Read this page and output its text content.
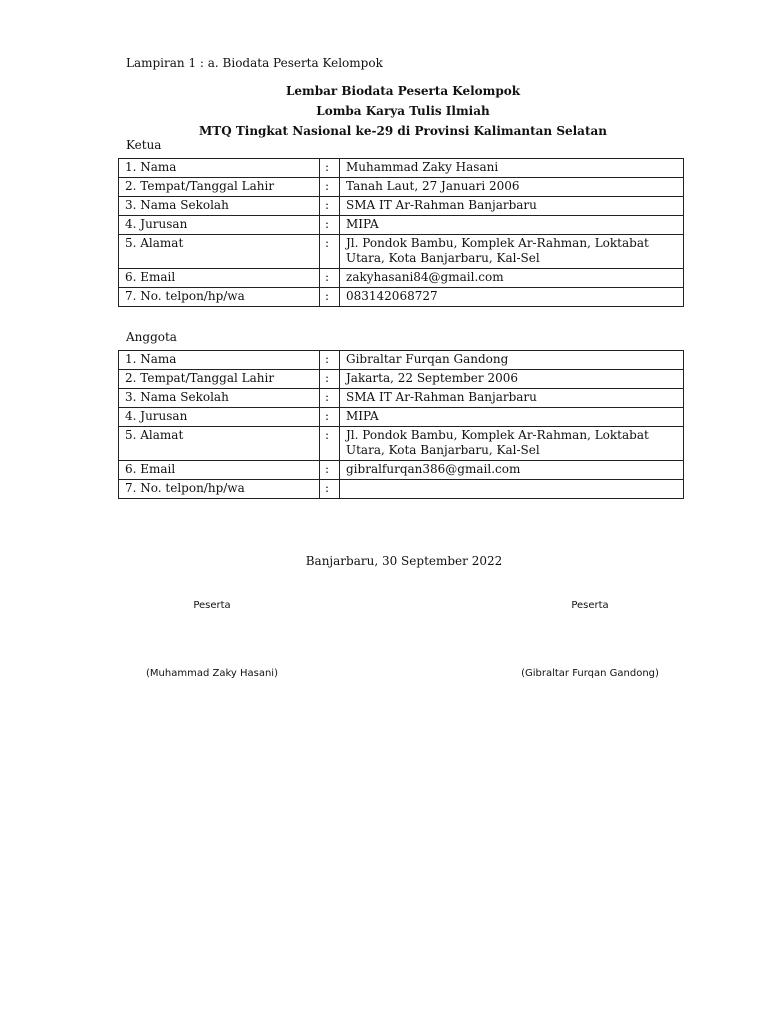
Lampiran 1 : a. Biodata Peserta Kelompok
Lembar Biodata Peserta Kelompok
Lomba Karya Tulis Ilmiah
MTQ Tingkat Nasional ke-29 di Provinsi Kalimantan Selatan
Ketua
1. Nama	:	Muhammad Zaky Hasani
2. Tempat/Tanggal Lahir	:	Tanah Laut, 27 Januari 2006
3. Nama Sekolah	:	SMA IT Ar-Rahman Banjarbaru
4. Jurusan	:	MIPA
5. Alamat	:	Jl. Pondok Bambu, Komplek Ar-Rahman, Loktabat Utara, Kota Banjarbaru, Kal-Sel
6. Email	:	zakyhasani84@gmail.com
7. No. telpon/hp/wa	:	083142068727
Anggota
1. Nama	:	Gibraltar Furqan Gandong
2. Tempat/Tanggal Lahir	:	Jakarta, 22 September 2006
3. Nama Sekolah	:	SMA IT Ar-Rahman Banjarbaru
4. Jurusan	:	MIPA
5. Alamat	:	Jl. Pondok Bambu, Komplek Ar-Rahman, Loktabat Utara, Kota Banjarbaru, Kal-Sel
6. Email	:	gibralfurqan386@gmail.com
7. No. telpon/hp/wa	:	
Banjarbaru, 30 September 2022
Peserta	Peserta
(Muhammad Zaky Hasani)	(Gibraltar Furqan Gandong)
